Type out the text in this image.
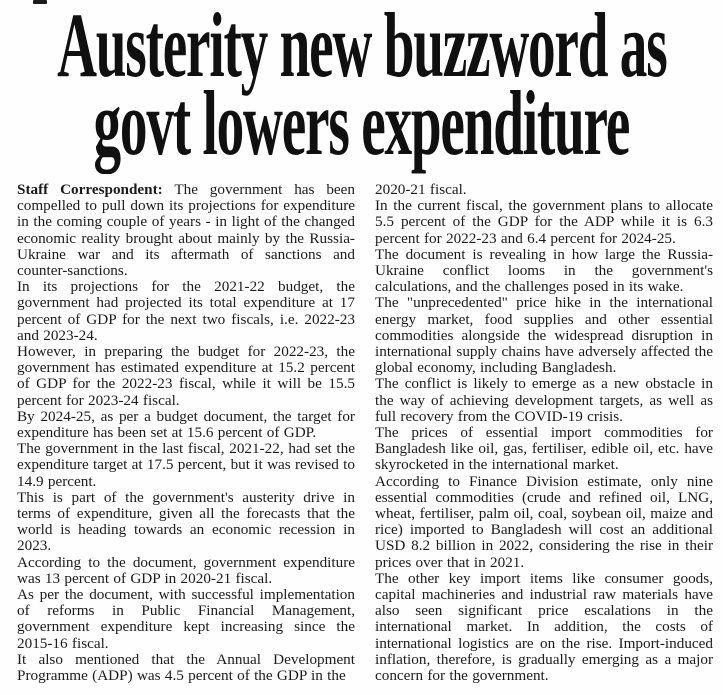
Austerity new buzzword as
govt lowers expenditure

Staff Correspondent: The government has been compelled to pull down its projections for expenditure in the coming couple of years - in light of the changed economic reality brought about mainly by the Russia-Ukraine war and its aftermath of sanctions and counter-sanctions.

In its projections for the 2021-22 budget, the government had projected its total expenditure at 17 percent of GDP for the next two fiscals, i.e. 2022-23 and 2023-24.

However, in preparing the budget for 2022-23, the government has estimated expenditure at 15.2 percent of GDP for the 2022-23 fiscal, while it will be 15.5 percent for 2023-24 fiscal.

By 2024-25, as per a budget document, the target for expenditure has been set at 15.6 percent of GDP.

The government in the last fiscal, 2021-22, had set the expenditure target at 17.5 percent, but it was revised to 14.9 percent.

This is part of the government's austerity drive in terms of expenditure, given all the forecasts that the world is heading towards an economic recession in 2023.

According to the document, government expenditure was 13 percent of GDP in 2020-21 fiscal.

As per the document, with successful implementation of reforms in Public Financial Management, government expenditure kept increasing since the 2015-16 fiscal.

It also mentioned that the Annual Development Programme (ADP) was 4.5 percent of the GDP in the

2020-21 fiscal.

In the current fiscal, the government plans to allocate 5.5 percent of the GDP for the ADP while it is 6.3 percent for 2022-23 and 6.4 percent for 2024-25.

The document is revealing in how large the Russia-Ukraine conflict looms in the government's calculations, and the challenges posed in its wake.

The "unprecedented" price hike in the international energy market, food supplies and other essential commodities alongside the widespread disruption in international supply chains have adversely affected the global economy, including Bangladesh.

The conflict is likely to emerge as a new obstacle in the way of achieving development targets, as well as full recovery from the COVID-19 crisis.

The prices of essential import commodities for Bangladesh like oil, gas, fertiliser, edible oil, etc. have skyrocketed in the international market.

According to Finance Division estimate, only nine essential commodities (crude and refined oil, LNG, wheat, fertiliser, palm oil, coal, soybean oil, maize and rice) imported to Bangladesh will cost an additional USD 8.2 billion in 2022, considering the rise in their prices over that in 2021.

The other key import items like consumer goods, capital machineries and industrial raw materials have also seen significant price escalations in the international market. In addition, the costs of international logistics are on the rise. Import-induced inflation, therefore, is gradually emerging as a major concern for the government.
